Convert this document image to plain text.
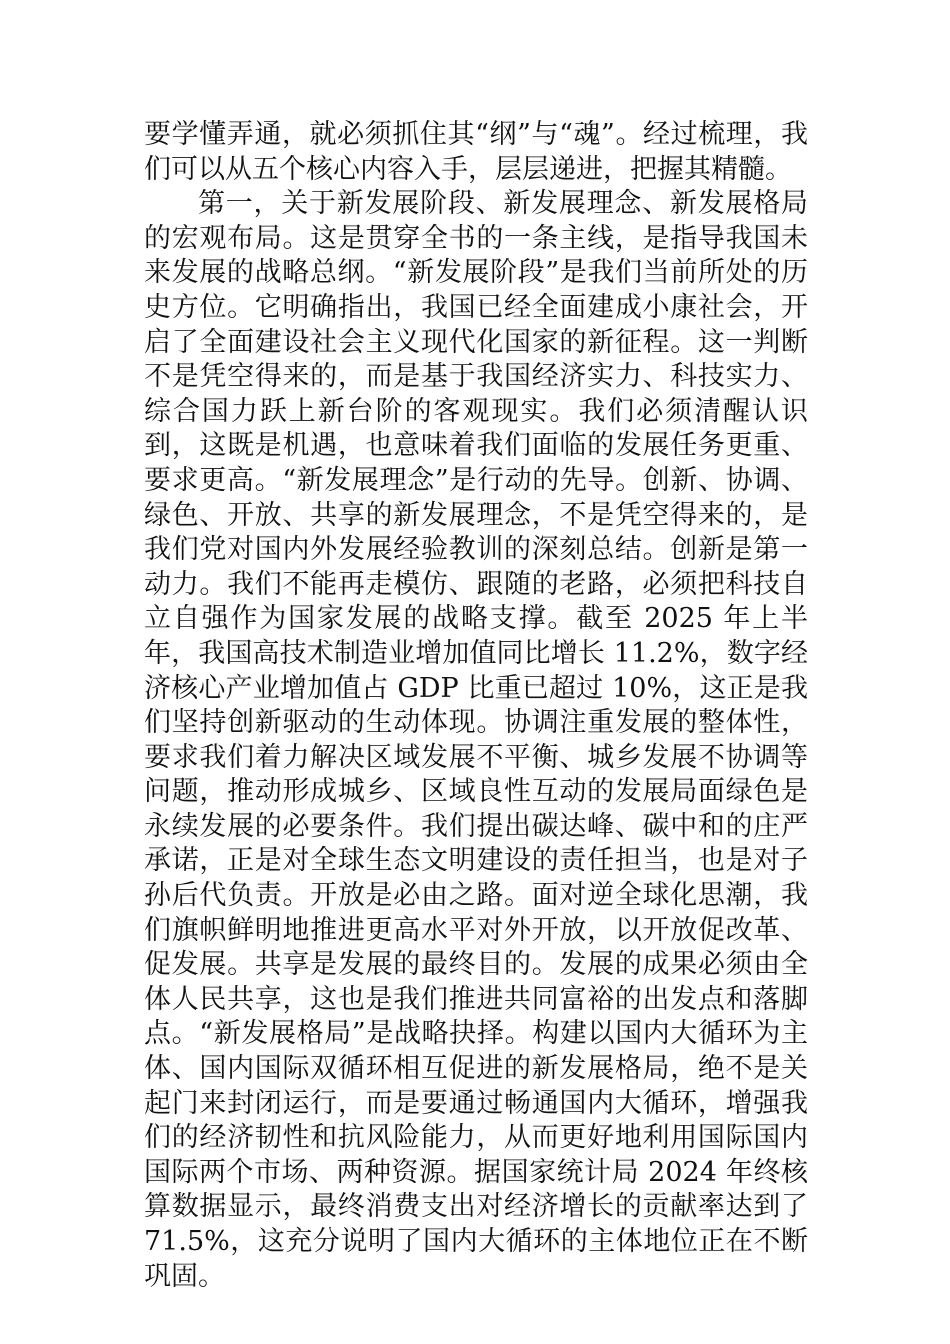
要学懂弄通，就必须抓住其“纲”与“魂”。经过梳理，我们可以从五个核心内容入手，层层递进，把握其精髓。

第一，关于新发展阶段、新发展理念、新发展格局的宏观布局。这是贯穿全书的一条主线，是指导我国未来发展的战略总纲。“新发展阶段”是我们当前所处的历史方位。它明确指出，我国已经全面建成小康社会，开启了全面建设社会主义现代化国家的新征程。这一判断不是凭空得来的，而是基于我国经济实力、科技实力、综合国力跃上新台阶的客观现实。我们必须清醒认识到，这既是机遇，也意味着我们面临的发展任务更重、要求更高。“新发展理念”是行动的先导。创新、协调、绿色、开放、共享的新发展理念，不是凭空得来的，是我们党对国内外发展经验教训的深刻总结。创新是第一动力。我们不能再走模仿、跟随的老路，必须把科技自立自强作为国家发展的战略支撑。截至 2025 年上半年，我国高技术制造业增加值同比增长 11.2%，数字经济核心产业增加值占 GDP 比重已超过 10%，这正是我们坚持创新驱动的生动体现。协调注重发展的整体性，要求我们着力解决区域发展不平衡、城乡发展不协调等问题，推动形成城乡、区域良性互动的发展局面绿色是永续发展的必要条件。我们提出碳达峰、碳中和的庄严承诺，正是对全球生态文明建设的责任担当，也是对子孙后代负责。开放是必由之路。面对逆全球化思潮，我们旗帜鲜明地推进更高水平对外开放，以开放促改革、促发展。共享是发展的最终目的。发展的成果必须由全体人民共享，这也是我们推进共同富裕的出发点和落脚点。“新发展格局”是战略抉择。构建以国内大循环为主体、国内国际双循环相互促进的新发展格局，绝不是关起门来封闭运行，而是要通过畅通国内大循环，增强我们的经济韧性和抗风险能力，从而更好地利用国际国内国际两个市场、两种资源。据国家统计局 2024 年终核算数据显示，最终消费支出对经济增长的贡献率达到了 71.5%，这充分说明了国内大循环的主体地位正在不断巩固。
